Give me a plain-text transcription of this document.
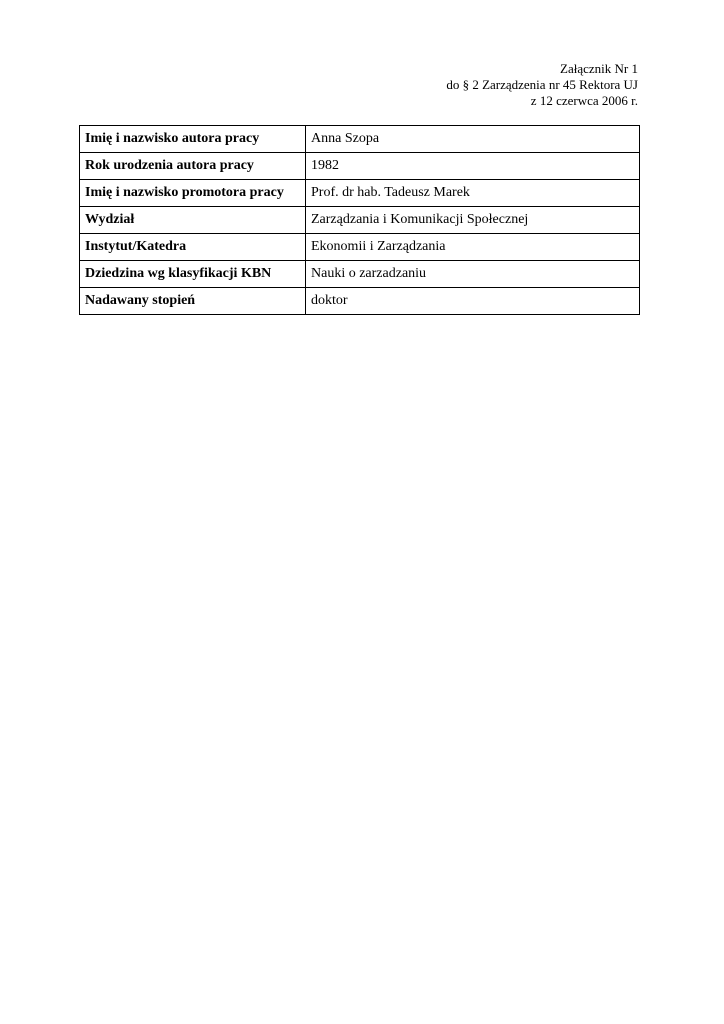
Załącznik Nr 1
do § 2 Zarządzenia nr 45 Rektora UJ
z 12 czerwca 2006 r.
Imię i nazwisko autora pracy	Anna Szopa
Rok urodzenia autora pracy	1982
Imię i nazwisko promotora pracy	Prof. dr hab. Tadeusz Marek
Wydział	Zarządzania i Komunikacji Społecznej
Instytut/Katedra	Ekonomii i Zarządzania
Dziedzina wg klasyfikacji KBN	Nauki o zarzadzaniu
Nadawany stopień	doktor
